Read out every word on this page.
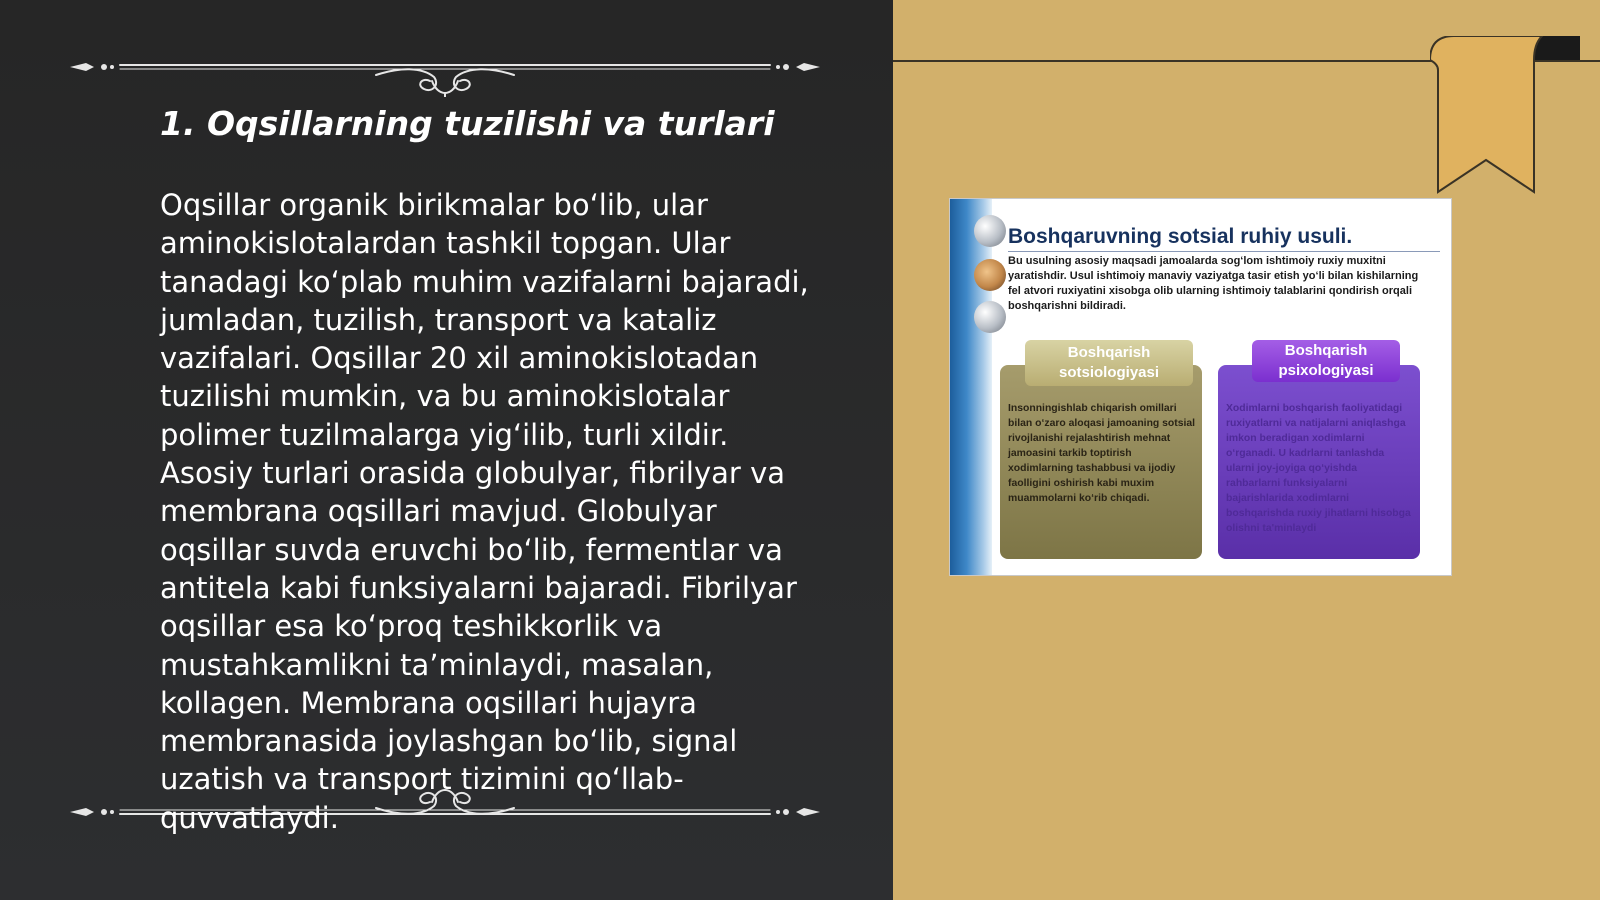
1. Oqsillarning tuzilishi va turlari

Oqsillar organik birikmalar bo‘lib, ular aminokislotalardan tashkil topgan. Ular tanadagi ko‘plab muhim vazifalarni bajaradi, jumladan, tuzilish, transport va kataliz vazifalari. Oqsillar 20 xil aminokislotadan tuzilishi mumkin, va bu aminokislotalar polimer tuzilmalarga yig‘ilib, turli xildir. Asosiy turlari orasida globulyar, fibrilyar va membrana oqsillari mavjud. Globulyar oqsillar suvda eruvchi bo‘lib, fermentlar va antitela kabi funksiyalarni bajaradi. Fibrilyar oqsillar esa ko‘proq teshikkorlik va mustahkamlikni ta’minlaydi, masalan, kollagen. Membrana oqsillari hujayra membranasida joylashgan bo‘lib, signal uzatish va transport tizimini qo‘llab-quvvatlaydi.

Boshqaruvning sotsial ruhiy usuli.

Bu usulning asosiy maqsadi jamoalarda sog‘lom ishtimoiy ruxiy muxitni yaratishdir. Usul ishtimoiy manaviy vaziyatga tasir etish yo‘li bilan kishilarning fel atvori ruxiyatini xisobga olib ularning ishtimoiy talablarini qondirish orqali boshqarishni bildiradi.

Insonningishlab chiqarish omillari bilan o‘zaro aloqasi jamoaning sotsial rivojlanishi rejalashtirish mehnat jamoasini tarkib toptirish xodimlarning tashabbusi va ijodiy faolligini oshirish kabi muxim muammolarni ko‘rib chiqadi.

Xodimlarni boshqarish faoliyatidagi ruxiyatlarni va natijalarni aniqlashga imkon beradigan xodimlarni o‘rganadi. U kadrlarni tanlashda ularni joy-joyiga qo‘yishda rahbarlarni funksiyalarni bajarishlarida xodimlarni boshqarishda ruxiy jihatlarni hisobga olishni ta'minlaydi

Boshqarish sotsiologiyasi
Boshqarish psixologiyasi
